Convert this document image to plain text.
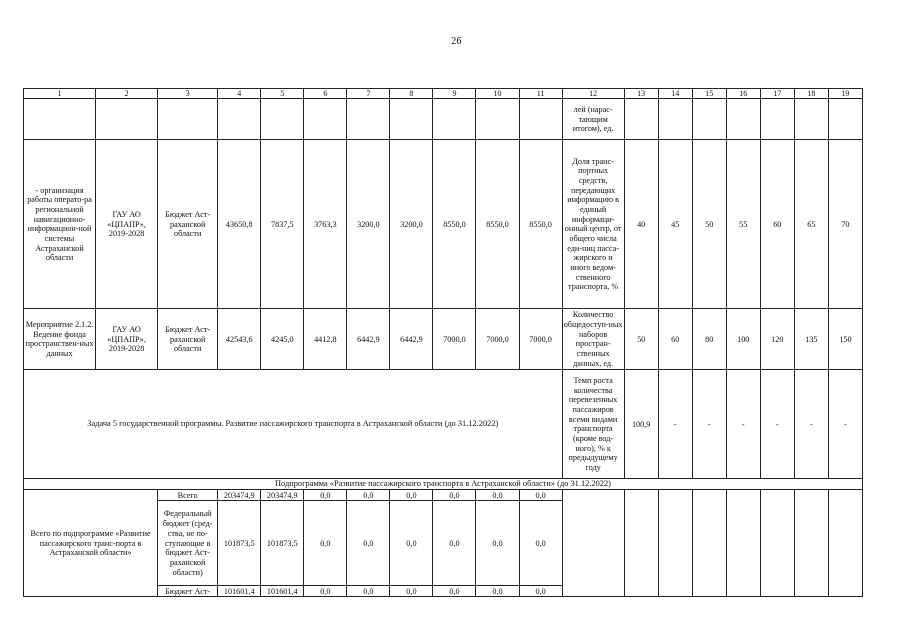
26
1	2	3	4	5	6	7	8	9	10	11	12	13	14	15	16	17	18	19
											лей (нарас-тающим итогом), ед.							
- организация работы операто-ра региональной навигационно-информацион-ной системы Астраханской области	ГАУ АО «ЦПАПР», 2019-2028	Бюджет Аст-раханской области	43650,8	7837,5	3763,3	3200,0	3200,0	8550,0	8550,0	8550,0	Доля транс-портных средств, передающих информацию в единый информаци-онный центр, от общего числа еди-ниц пасса-жирского и иного ведом-ственного транспорта, %	40	45	50	55	60	65	70
Мероприятие 2.1.2. Ведение фонда пространствен-ных данных	ГАУ АО «ЦПАПР», 2019-2028	Бюджет Аст-раханской области	42543,6	4245,0	4412,8	6442,9	6442,9	7000,0	7000,0	7000,0	Количество общедоступ-ных наборов простран-ственных данных, ед.	50	60	80	100	120	135	150
Задача 5 государственной программы. Развитие пассажирского транспорта в Астраханской области (до 31.12.2022)											Темп роста количества перевезенных пассажиров всеми видами транспорта (кроме вод-ного), % к предыдущему году	100,9	-	-	-	-	-	-
Подпрограмма «Развитие пассажирского транспорта в Астраханской области» (до 31.12.2022)																		
Всего по подпрограмме «Развитие пассажирского транс-порта в Астраханской области»		Всего	203474,9	203474,9	0,0	0,0	0,0	0,0	0,0	0,0								
		Федеральный бюджет (сред-ства, не по-ступающие в бюджет Аст-раханской области)	101873,5	101873,5	0,0	0,0	0,0	0,0	0,0	0,0								
		Бюджет Аст-	101601,4	101601,4	0,0	0,0	0,0	0,0	0,0	0,0								
